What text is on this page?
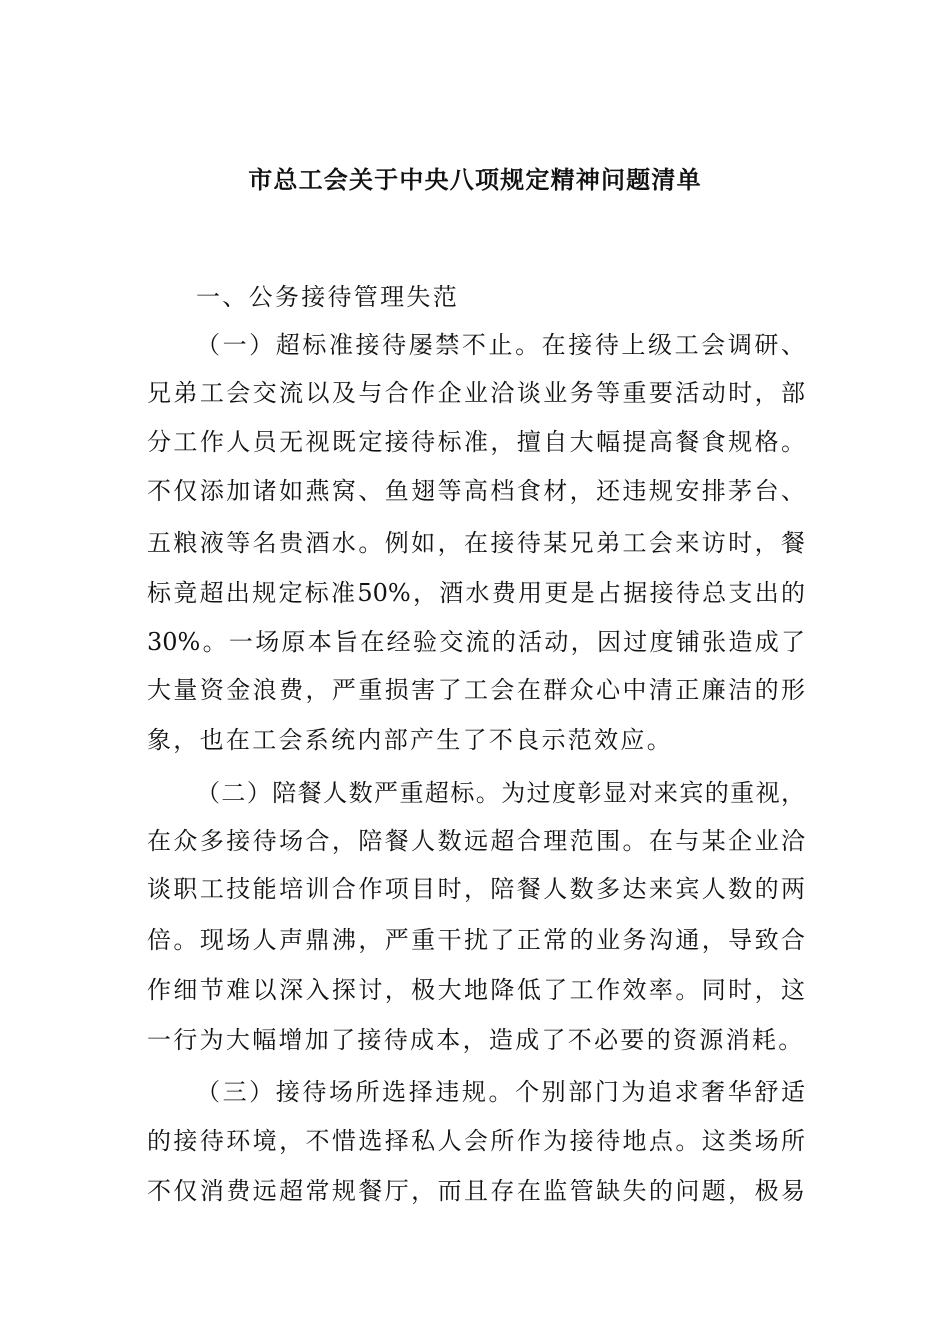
市总工会关于中央八项规定精神问题清单
一、公务接待管理失范
（一）超标准接待屡禁不止。在接待上级工会调研、
兄弟工会交流以及与合作企业洽谈业务等重要活动时，部
分工作人员无视既定接待标准，擅自大幅提高餐食规格。
不仅添加诸如燕窝、鱼翅等高档食材，还违规安排茅台、
五粮液等名贵酒水。例如，在接待某兄弟工会来访时，餐
标竟超出规定标准50%，酒水费用更是占据接待总支出的
30%。一场原本旨在经验交流的活动，因过度铺张造成了
大量资金浪费，严重损害了工会在群众心中清正廉洁的形
象，也在工会系统内部产生了不良示范效应。
（二）陪餐人数严重超标。为过度彰显对来宾的重视，
在众多接待场合，陪餐人数远超合理范围。在与某企业洽
谈职工技能培训合作项目时，陪餐人数多达来宾人数的两
倍。现场人声鼎沸，严重干扰了正常的业务沟通，导致合
作细节难以深入探讨，极大地降低了工作效率。同时，这
一行为大幅增加了接待成本，造成了不必要的资源消耗。
（三）接待场所选择违规。个别部门为追求奢华舒适
的接待环境，不惜选择私人会所作为接待地点。这类场所
不仅消费远超常规餐厅，而且存在监管缺失的问题，极易
